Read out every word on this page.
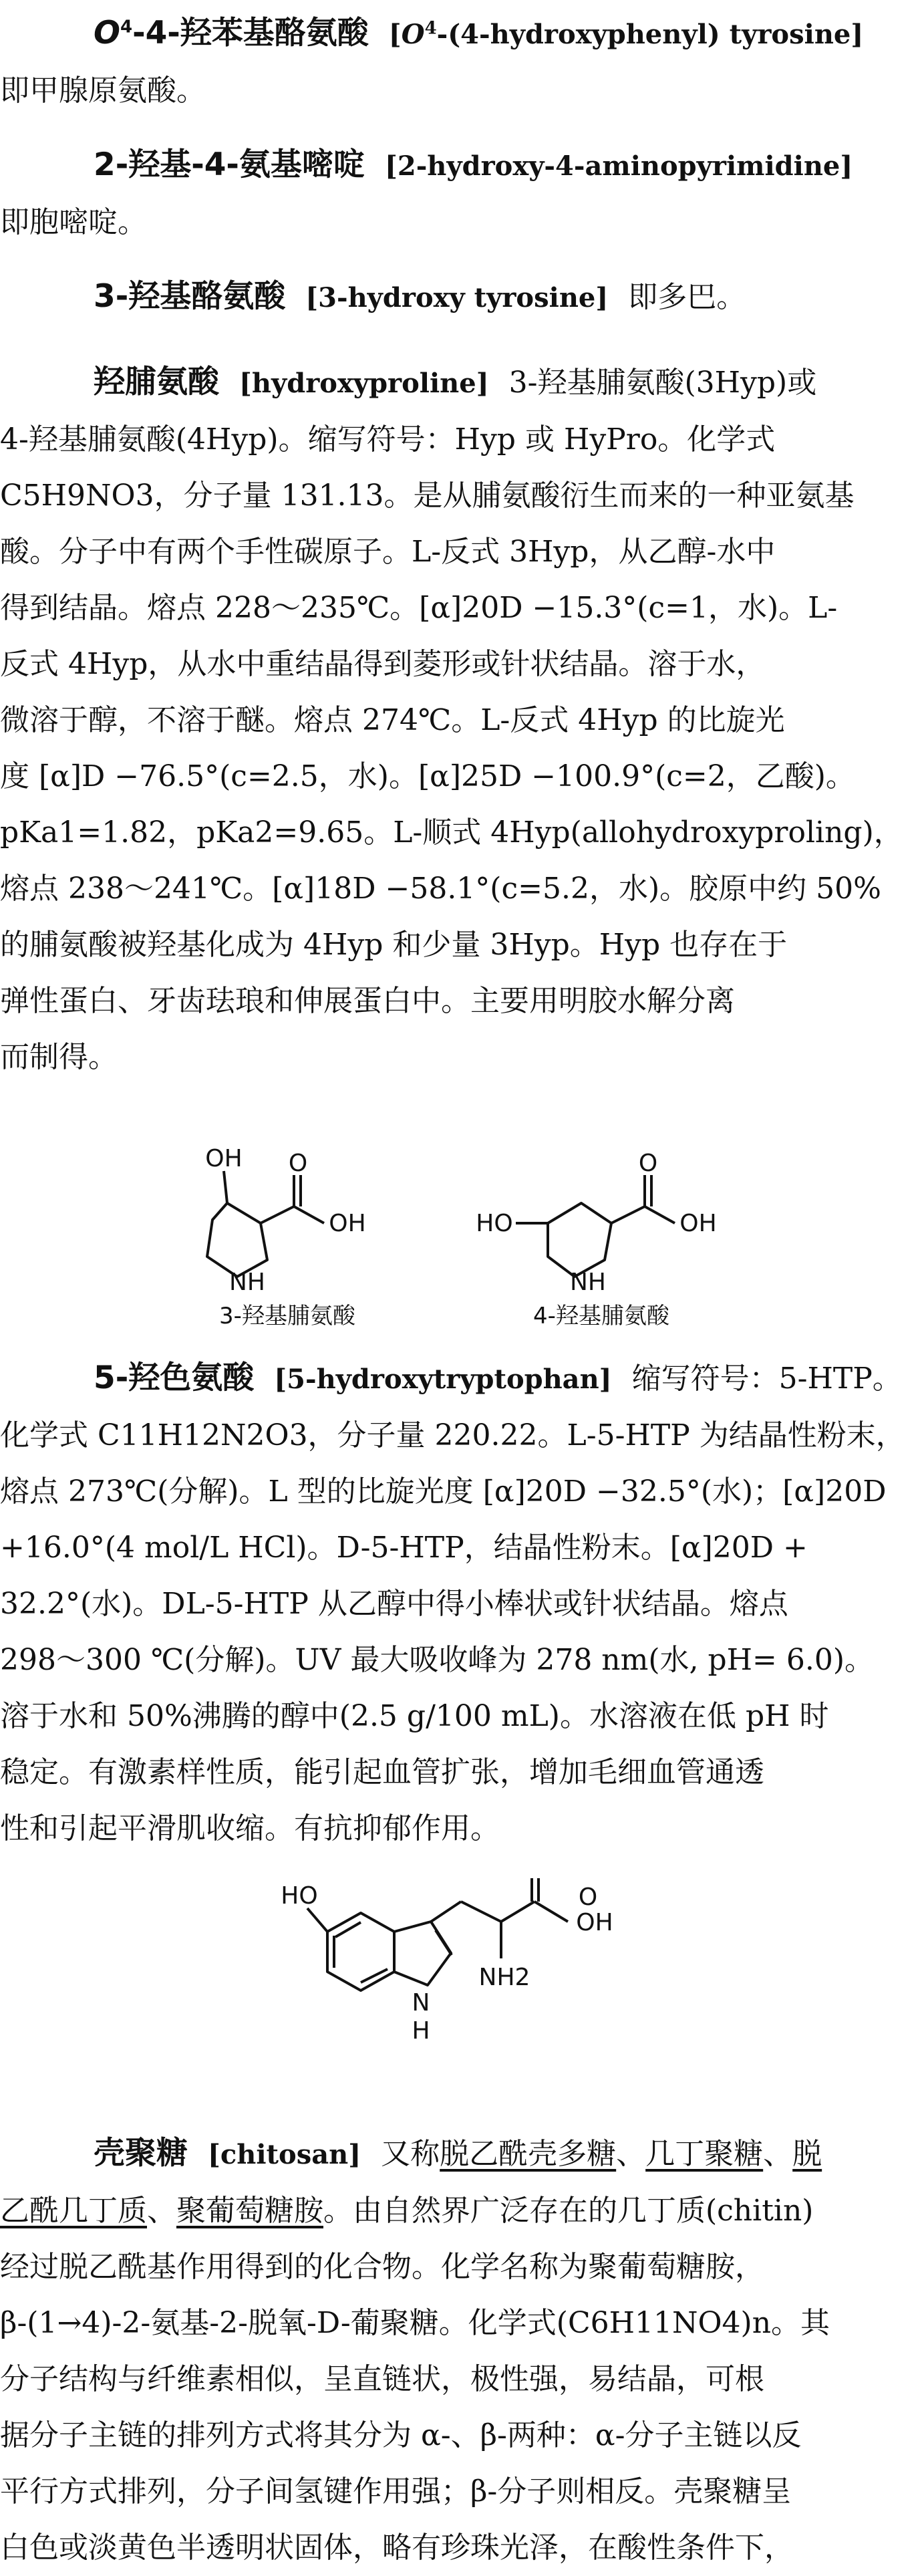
$O^4-4-$羟苯基酪氨酸 [$O^4-(4-hydroxyphenyl)$ tyrosine]

即甲腺原氨酸。

2-羟基-4-氨基嘧啶 [2-hydroxy-4-aminopyrimidine]

即胞嘧啶。

3-羟基酪氨酸 [3-hydroxy tyrosine] 即多巴。

羟脯氨酸 [hydroxyproline] 3-羟基脯氨酸(3Hyp)或

4-羟基脯氨酸(4Hyp)。缩写符号：Hyp 或 HyPro。化学式

C5H9NO3，分子量 131.13。是从脯氨酸衍生而来的一种亚氨基

酸。分子中有两个手性碳原子。L-反式 3Hyp，从乙醇-水中

得到结晶。熔点 228～235℃。[α]20D −15.3°(c=1，水)。L-

反式 4Hyp，从水中重结晶得到菱形或针状结晶。溶于水，

微溶于醇，不溶于醚。熔点 274℃。L-反式 4Hyp 的比旋光

度 [α]D −76.5°(c=2.5，水)。[α]25D −100.9°(c=2，乙酸)。

pKa1=1.82，pKa2=9.65。L-顺式 4Hyp(allohydroxyproling)，

熔点 238～241℃。[α]18D −58.1°(c=5.2，水)。胶原中约 50%

的脯氨酸被羟基化成为 4Hyp 和少量 3Hyp。Hyp 也存在于

弹性蛋白、牙齿珐琅和伸展蛋白中。主要用明胶水解分离

而制得。

OH O
OH
NH
3-羟基脯氨酸
HO
O
OH
NH
4-羟基脯氨酸

5-羟色氨酸 [5-hydroxytryptophan] 缩写符号：5-HTP。

化学式 C11H12N2O3，分子量 220.22。L-5-HTP 为结晶性粉末，

熔点 273℃(分解)。L 型的比旋光度 [α]20D −32.5°(水)；[α]20D

+16.0°(4 mol/L HCl)。D-5-HTP，结晶性粉末。[α]20D +

32.2°(水)。DL-5-HTP 从乙醇中得小棒状或针状结晶。熔点

298～300 ℃(分解)。UV 最大吸收峰为 278 nm(水, pH= 6.0)。

溶于水和 50%沸腾的醇中(2.5 g/100 mL)。水溶液在低 pH 时

稳定。有激素样性质，能引起血管扩张，增加毛细血管通透

性和引起平滑肌收缩。有抗抑郁作用。

HO	O
OH
NH2
N
H

壳聚糖 [chitosan] 又称脱乙酰壳多糖、几丁聚糖、脱

乙酰几丁质、聚葡萄糖胺。由自然界广泛存在的几丁质(chitin)

经过脱乙酰基作用得到的化合物。化学名称为聚葡萄糖胺，

β-(1→4)-2-氨基-2-脱氧-D-葡聚糖。化学式(C6H11NO4)n。其

分子结构与纤维素相似，呈直链状，极性强，易结晶，可根

据分子主链的排列方式将其分为 α-、β-两种：α-分子主链以反

平行方式排列，分子间氢键作用强；β-分子则相反。壳聚糖呈

白色或淡黄色半透明状固体，略有珍珠光泽，在酸性条件下，
